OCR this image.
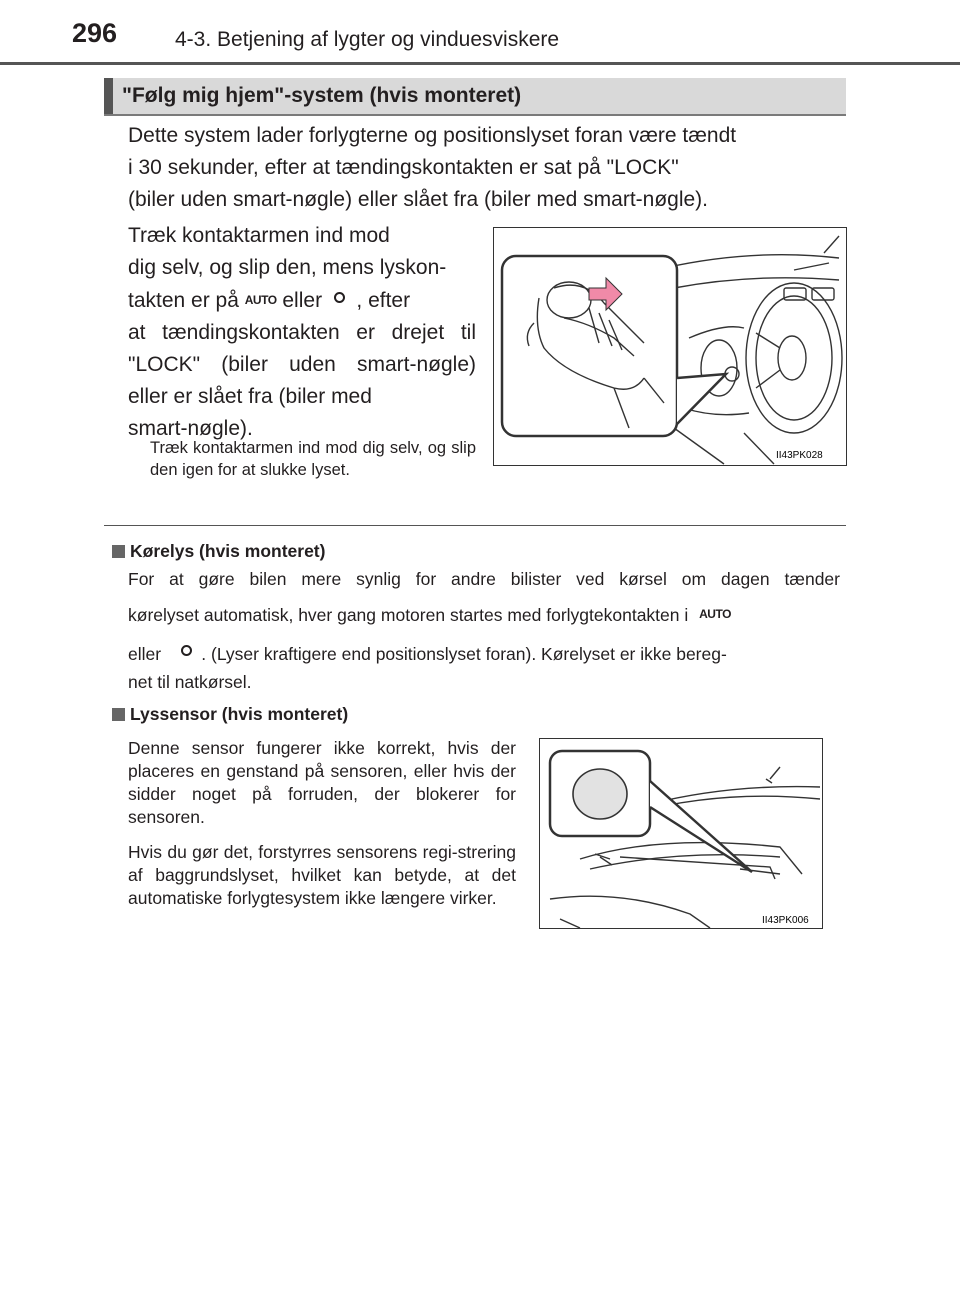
296	4-3. Betjening af lygter og vinduesviskere
"Følg mig hjem"-system (hvis monteret)
Dette system lader forlygterne og positionslyset foran være tændt
i 30 sekunder, efter at tændingskontakten er sat på "LOCK"
(biler uden smart-nøgle) eller slået fra (biler med smart-nøgle).
Træk kontaktarmen ind mod
dig selv, og slip den, mens lyskon-
takten er på AUTO eller , efter
at tændingskontakten er drejet til
"LOCK" (biler uden smart-nøgle)
eller er slået fra (biler med
smart-nøgle).
Træk kontaktarmen ind mod dig selv, og slip den igen for at slukke lyset.
II43PK028
Kørelys (hvis monteret)
For at gøre bilen mere synlig for andre bilister ved kørsel om dagen tænder
kørelyset automatisk, hver gang motoren startes med forlygtekontakten i AUTO
eller . (Lyser kraftigere end positionslyset foran). Kørelyset er ikke bereg-
net til natkørsel.
Lyssensor (hvis monteret)
Denne sensor fungerer ikke korrekt, hvis der placeres en genstand på sensoren, eller hvis der sidder noget på forruden, der blokerer for sensoren.
Hvis du gør det, forstyrres sensorens regi-strering af baggrundslyset, hvilket kan betyde, at det automatiske forlygtesystem ikke længere virker.
II43PK006
